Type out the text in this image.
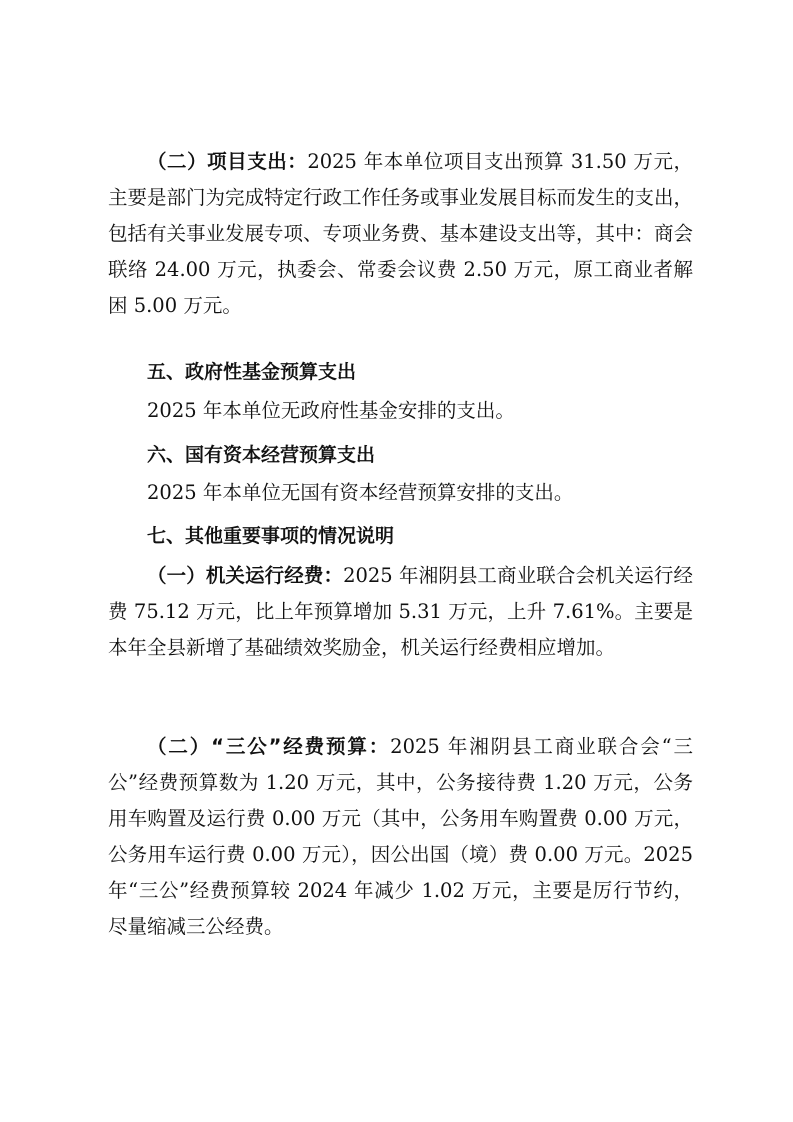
（二）项目支出：2025 年本单位项目支出预算 31.50 万元，主要是部门为完成特定行政工作任务或事业发展目标而发生的支出，包括有关事业发展专项、专项业务费、基本建设支出等，其中：商会联络 24.00 万元，执委会、常委会议费 2.50 万元，原工商业者解困 5.00 万元。

五、政府性基金预算支出

2025 年本单位无政府性基金安排的支出。

六、国有资本经营预算支出

2025 年本单位无国有资本经营预算安排的支出。

七、其他重要事项的情况说明

（一）机关运行经费：2025 年湘阴县工商业联合会机关运行经费 75.12 万元，比上年预算增加 5.31 万元，上升 7.61%。主要是本年全县新增了基础绩效奖励金，机关运行经费相应增加。

（二）“三公”经费预算：2025 年湘阴县工商业联合会“三公”经费预算数为 1.20 万元，其中，公务接待费 1.20 万元，公务用车购置及运行费 0.00 万元（其中，公务用车购置费 0.00 万元，公务用车运行费 0.00 万元），因公出国（境）费 0.00 万元。2025 年“三公”经费预算较 2024 年减少 1.02 万元，主要是厉行节约，尽量缩减三公经费。
